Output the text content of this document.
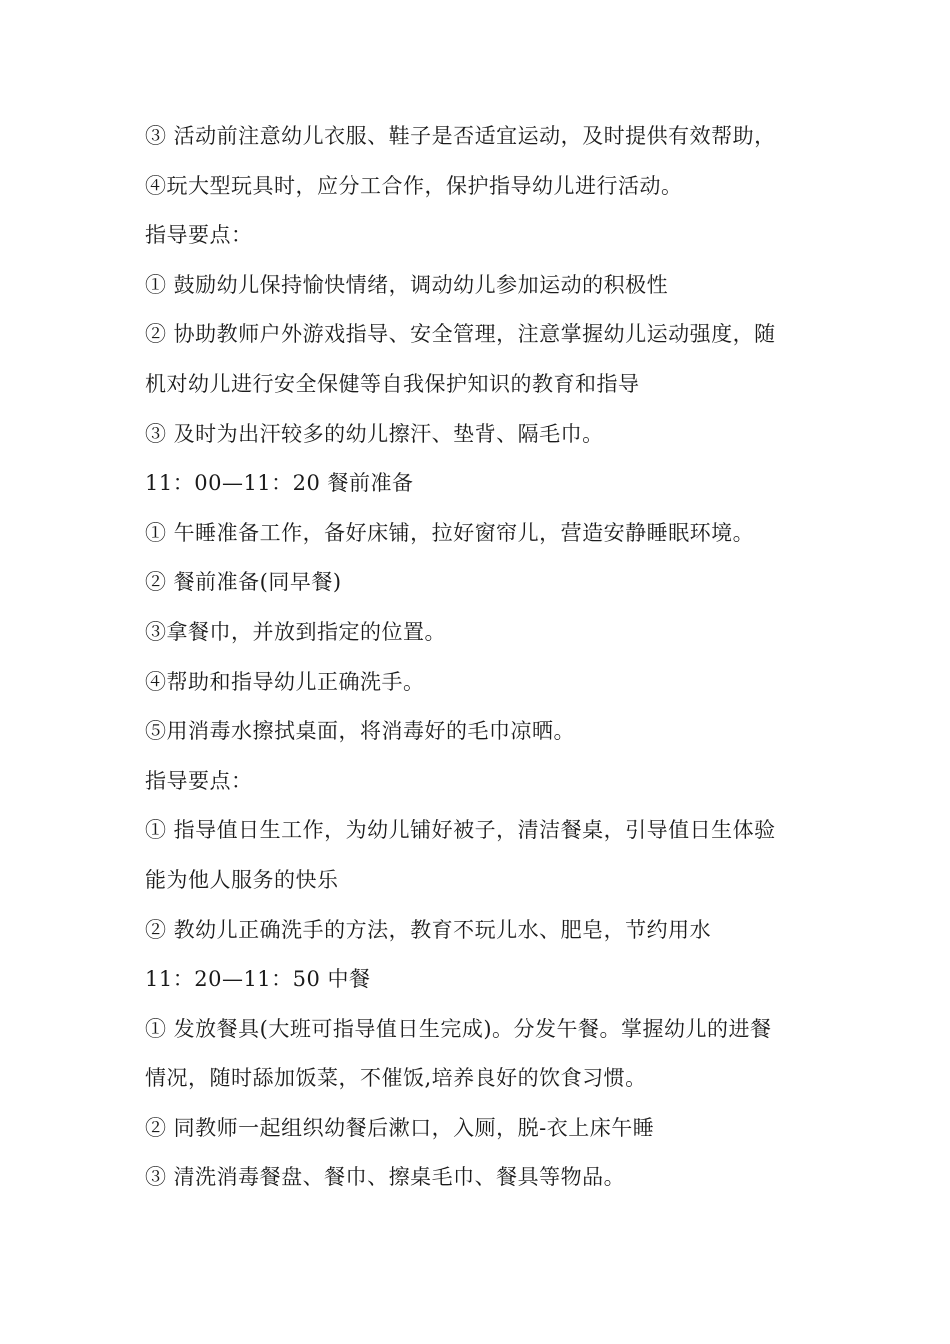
③ 活动前注意幼儿衣服、鞋子是否适宜运动，及时提供有效帮助，
④玩大型玩具时，应分工合作，保护指导幼儿进行活动。
指导要点：
① 鼓励幼儿保持愉快情绪，调动幼儿参加运动的积极性
② 协助教师户外游戏指导、安全管理，注意掌握幼儿运动强度，随
机对幼儿进行安全保健等自我保护知识的教育和指导
③ 及时为出汗较多的幼儿擦汗、垫背、隔毛巾。
11：00—11：20 餐前准备
① 午睡准备工作，备好床铺，拉好窗帘儿，营造安静睡眠环境。
② 餐前准备(同早餐)
③拿餐巾，并放到指定的位置。
④帮助和指导幼儿正确洗手。
⑤用消毒水擦拭桌面，将消毒好的毛巾凉晒。
指导要点：
① 指导值日生工作，为幼儿铺好被子，清洁餐桌，引导值日生体验
能为他人服务的快乐
② 教幼儿正确洗手的方法，教育不玩儿水、肥皂，节约用水
11：20—11：50 中餐
① 发放餐具(大班可指导值日生完成)。分发午餐。掌握幼儿的进餐
情况，随时舔加饭菜，不催饭,培养良好的饮食习惯。
② 同教师一起组织幼餐后漱口，入厕，脱-衣上床午睡
③ 清洗消毒餐盘、餐巾、擦桌毛巾、餐具等物品。
